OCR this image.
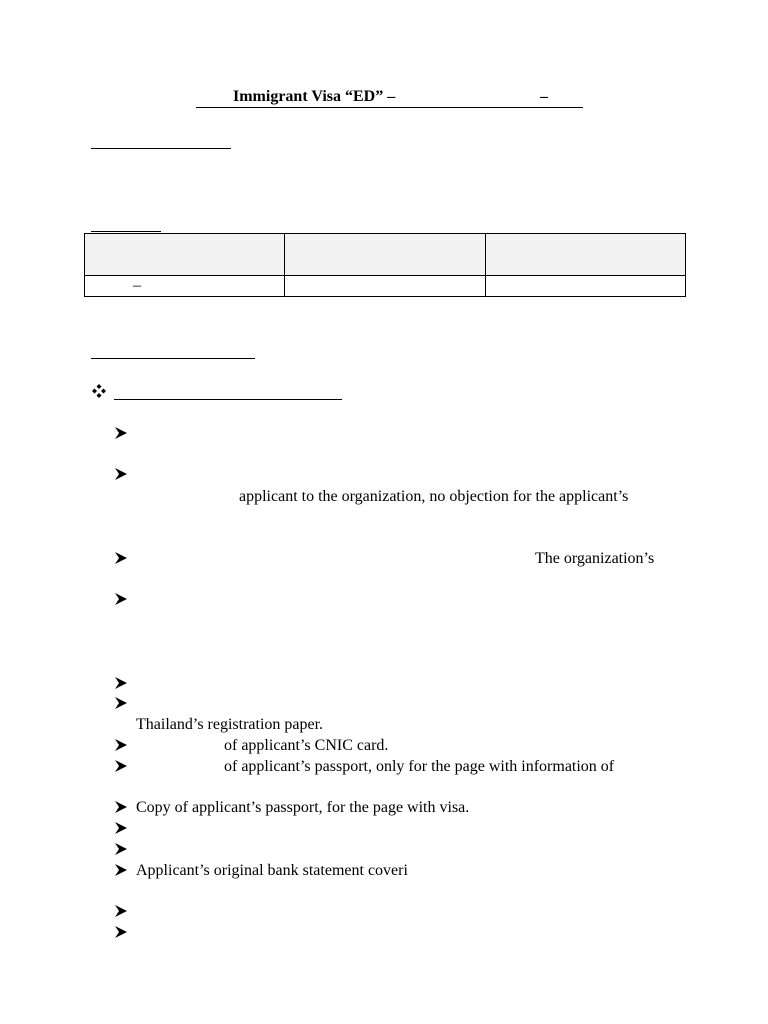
Immigrant Visa “ED” –	–

–		
applicant to the organization, no objection for the applicant’s
The organization’s
Thailand’s registration paper.
of applicant’s CNIC card.
of applicant’s passport, only for the page with information of
Copy of applicant’s passport, for the page with visa.
Applicant’s original bank statement coveri
